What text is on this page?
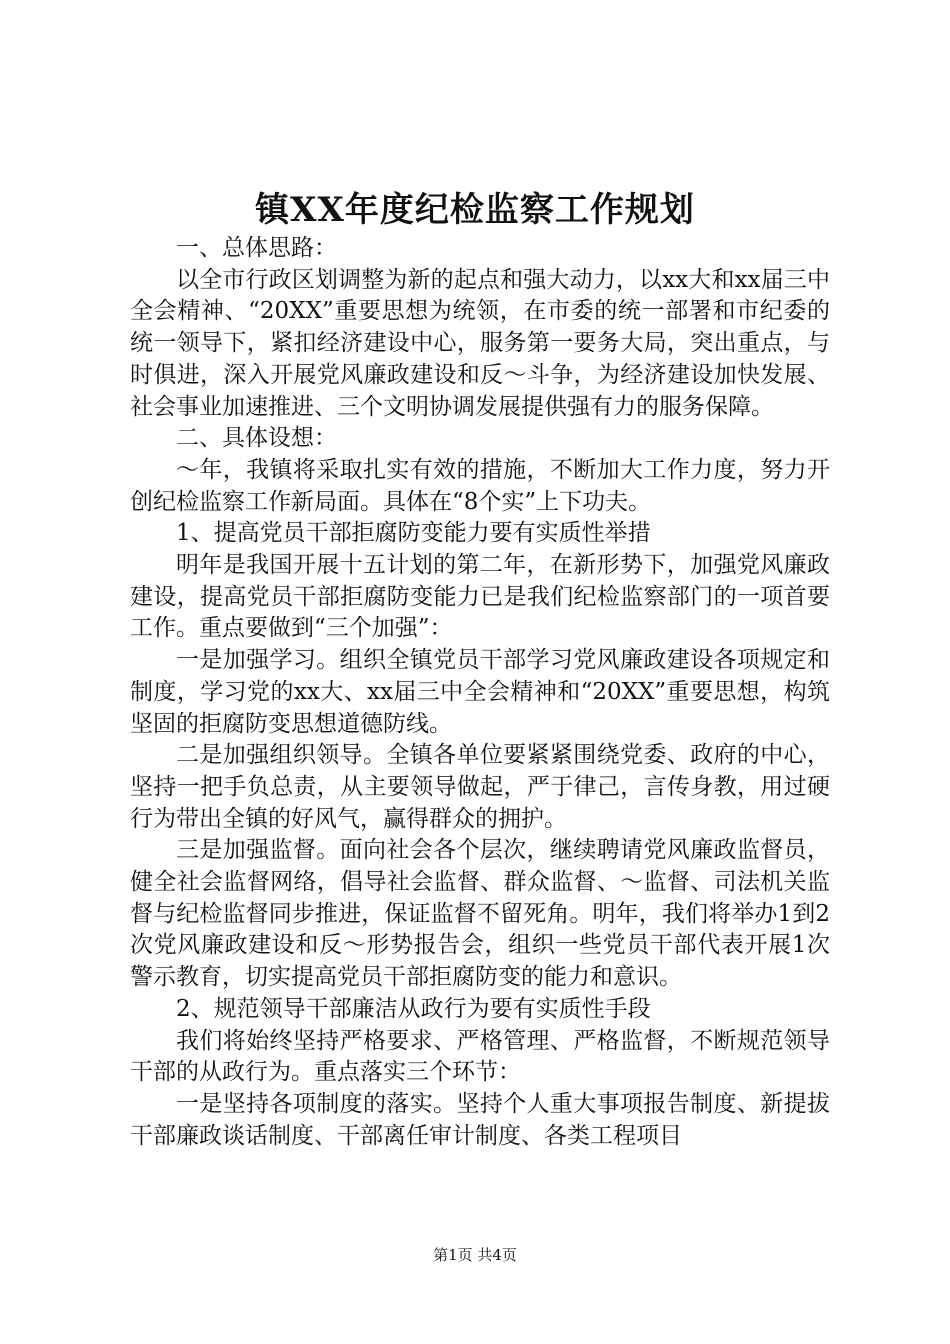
镇XX年度纪检监察工作规划

一、总体思路：

以全市行政区划调整为新的起点和强大动力，以xx大和xx届三中全会精神、“20XX”重要思想为统领，在市委的统一部署和市纪委的统一领导下，紧扣经济建设中心，服务第一要务大局，突出重点，与时俱进，深入开展党风廉政建设和反～斗争，为经济建设加快发展、社会事业加速推进、三个文明协调发展提供强有力的服务保障。

二、具体设想：

～年，我镇将采取扎实有效的措施，不断加大工作力度，努力开创纪检监察工作新局面。具体在“8个实”上下功夫。

1、提高党员干部拒腐防变能力要有实质性举措

明年是我国开展十五计划的第二年，在新形势下，加强党风廉政建设，提高党员干部拒腐防变能力已是我们纪检监察部门的一项首要工作。重点要做到“三个加强”：

一是加强学习。组织全镇党员干部学习党风廉政建设各项规定和制度，学习党的xx大、xx届三中全会精神和“20XX”重要思想，构筑坚固的拒腐防变思想道德防线。

二是加强组织领导。全镇各单位要紧紧围绕党委、政府的中心，坚持一把手负总责，从主要领导做起，严于律己，言传身教，用过硬行为带出全镇的好风气，赢得群众的拥护。

三是加强监督。面向社会各个层次，继续聘请党风廉政监督员，健全社会监督网络，倡导社会监督、群众监督、～监督、司法机关监督与纪检监督同步推进，保证监督不留死角。明年，我们将举办1到2次党风廉政建设和反～形势报告会，组织一些党员干部代表开展1次警示教育，切实提高党员干部拒腐防变的能力和意识。

2、规范领导干部廉洁从政行为要有实质性手段

我们将始终坚持严格要求、严格管理、严格监督，不断规范领导干部的从政行为。重点落实三个环节：

一是坚持各项制度的落实。坚持个人重大事项报告制度、新提拔干部廉政谈话制度、干部离任审计制度、各类工程项目

第1页 共4页
